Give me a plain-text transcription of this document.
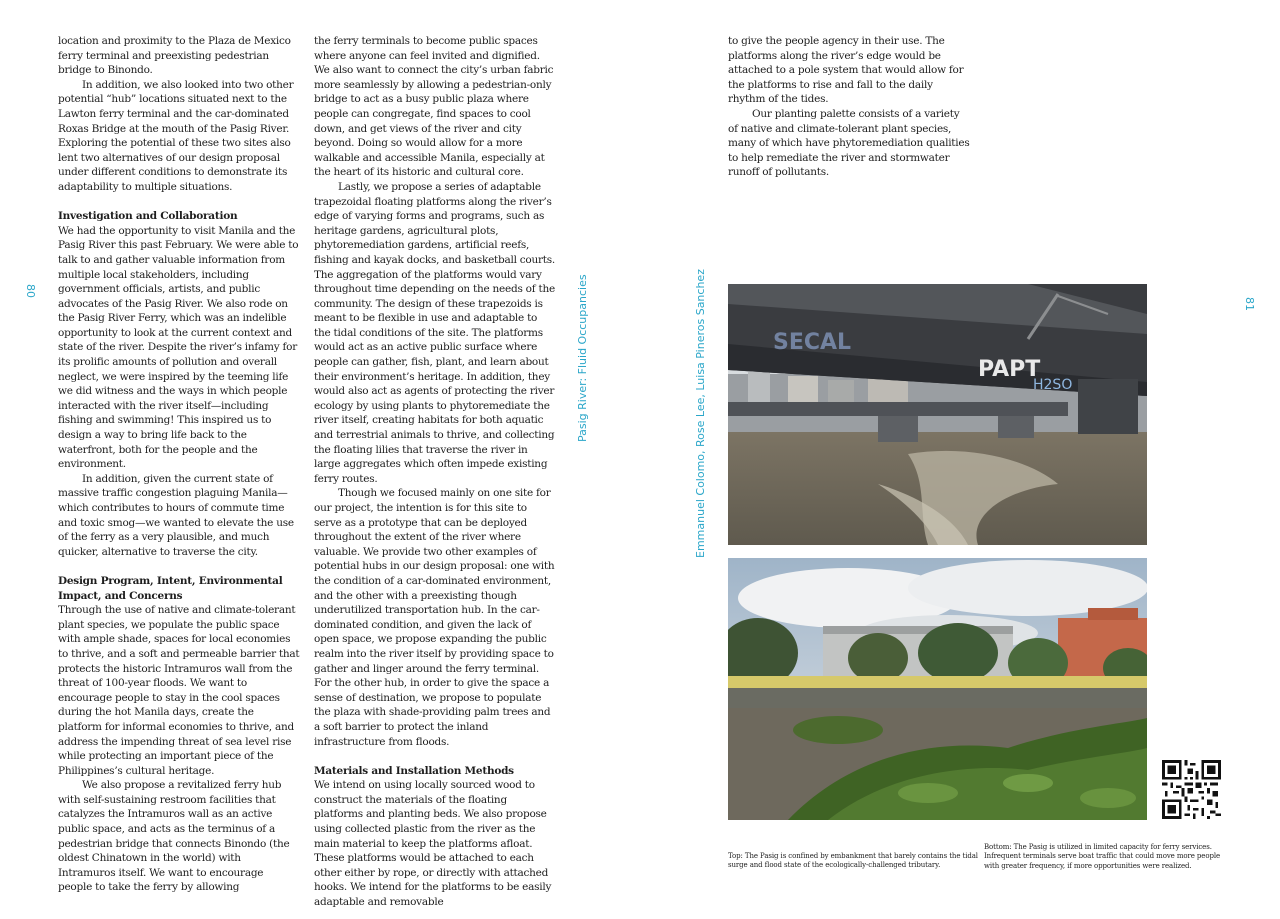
80

location and proximity to the Plaza de Mexico ferry terminal and preexisting pedestrian bridge to Binondo.

In addition, we also looked into two other potential “hub” locations situated next to the Lawton ferry terminal and the car-dominated Roxas Bridge at the mouth of the Pasig River. Exploring the potential of these two sites also lent two alternatives of our design proposal under different conditions to demonstrate its adaptability to multiple situations.

Investigation and Collaboration

We had the opportunity to visit Manila and the Pasig River this past February. We were able to talk to and gather valuable information from multiple local stakeholders, including government officials, artists, and public advocates of the Pasig River. We also rode on the Pasig River Ferry, which was an indelible opportunity to look at the current context and state of the river. Despite the river’s infamy for its prolific amounts of pollution and overall neglect, we were inspired by the teeming life we did witness and the ways in which people interacted with the river itself—including fishing and swimming! This inspired us to design a way to bring life back to the waterfront, both for the people and the environment.

In addition, given the current state of massive traffic congestion plaguing Manila—which contributes to hours of commute time and toxic smog—we wanted to elevate the use of the ferry as a very plausible, and much quicker, alternative to traverse the city.

Design Program, Intent, Environmental Impact, and Concerns

Through the use of native and climate-tolerant plant species, we populate the public space with ample shade, spaces for local economies to thrive, and a soft and permeable barrier that protects the historic Intramuros wall from the threat of 100-year floods. We want to encourage people to stay in the cool spaces during the hot Manila days, create the platform for informal economies to thrive, and address the impending threat of sea level rise while protecting an important piece of the Philippines’s cultural heritage.

We also propose a revitalized ferry hub with self-sustaining restroom facilities that catalyzes the Intramuros wall as an active public space, and acts as the terminus of a pedestrian bridge that connects Binondo (the oldest Chinatown in the world) with Intramuros itself. We want to encourage people to take the ferry by allowing

the ferry terminals to become public spaces where anyone can feel invited and dignified. We also want to connect the city’s urban fabric more seamlessly by allowing a pedestrian-only bridge to act as a busy public plaza where people can congregate, find spaces to cool down, and get views of the river and city beyond. Doing so would allow for a more walkable and accessible Manila, especially at the heart of its historic and cultural core.

Lastly, we propose a series of adaptable trapezoidal floating platforms along the river’s edge of varying forms and programs, such as heritage gardens, agricultural plots, phytoremediation gardens, artificial reefs, fishing and kayak docks, and basketball courts. The aggregation of the platforms would vary throughout time depending on the needs of the community. The design of these trapezoids is meant to be flexible in use and adaptable to the tidal conditions of the site. The platforms would act as an active public surface where people can gather, fish, plant, and learn about their environment’s heritage. In addition, they would also act as agents of protecting the river ecology by using plants to phytoremediate the river itself, creating habitats for both aquatic and terrestrial animals to thrive, and collecting the floating lilies that traverse the river in large aggregates which often impede existing ferry routes.

Though we focused mainly on one site for our project, the intention is for this site to serve as a prototype that can be deployed throughout the extent of the river where valuable. We provide two other examples of potential hubs in our design proposal: one with the condition of a car-dominated environment, and the other with a preexisting though underutilized transportation hub. In the car-dominated condition, and given the lack of open space, we propose expanding the public realm into the river itself by providing space to gather and linger around the ferry terminal. For the other hub, in order to give the space a sense of destination, we propose to populate the plaza with shade-providing palm trees and a soft barrier to protect the inland infrastructure from floods.

Materials and Installation Methods

We intend on using locally sourced wood to construct the materials of the floating platforms and planting beds. We also propose using collected plastic from the river as the main material to keep the platforms afloat. These platforms would be attached to each other either by rope, or directly with attached hooks. We intend for the platforms to be easily adaptable and removable

Pasig River: Fluid Occupancies	Emmanuel Colomo, Rose Lee, Luisa Pineros Sanchez	81

to give the people agency in their use. The platforms along the river’s edge would be attached to a pole system that would allow for the platforms to rise and fall to the daily rhythm of the tides.

Our planting palette consists of a variety of native and climate-tolerant plant species, many of which have phytoremediation qualities to help remediate the river and stormwater runoff of pollutants.

SECAL
PAPT
H2SO
Top: The Pasig is confined by embankment that barely contains the tidal surge and flood state of the ecologically-challenged tributary.
Bottom: The Pasig is utilized in limited capacity for ferry services. Infrequent terminals serve boat traffic that could move more people with greater frequency, if more opportunities were realized.
